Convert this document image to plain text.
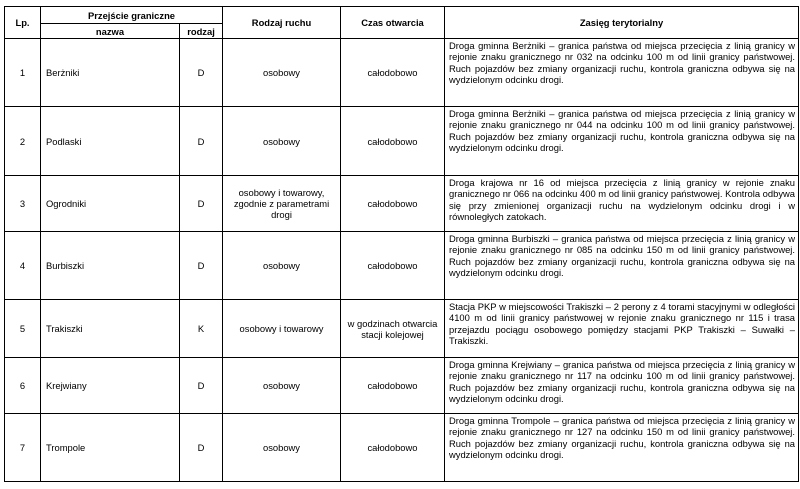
Lp.	Przejście graniczne		Rodzaj ruchu	Czas otwarcia	Zasięg terytorialny
	nazwa	rodzaj			
1	Berżniki	D	osobowy	całodobowo	Droga gminna Berżniki – granica państwa od miejsca przecięcia z linią granicy w rejonie znaku granicznego nr 032 na odcinku 100 m od linii granicy państwowej. Ruch pojazdów bez zmiany organizacji ruchu, kontrola graniczna odbywa się na wydzielonym odcinku drogi.
2	Podlaski	D	osobowy	całodobowo	Droga gminna Berżniki – granica państwa od miejsca przecięcia z linią granicy w rejonie znaku granicznego nr 044 na odcinku 100 m od linii granicy państwowej. Ruch pojazdów bez zmiany organizacji ruchu, kontrola graniczna odbywa się na wydzielonym odcinku drogi.
3	Ogrodniki	D	osobowy i towarowy, zgodnie z parametrami drogi	całodobowo	Droga krajowa nr 16 od miejsca przecięcia z linią granicy w rejonie znaku granicznego nr 066 na odcinku 400 m od linii granicy państwowej. Kontrola odbywa się przy zmienionej organizacji ruchu na wydzielonym odcinku drogi i w równoległych zatokach.
4	Burbiszki	D	osobowy	całodobowo	Droga gminna Burbiszki – granica państwa od miejsca przecięcia z linią granicy w rejonie znaku granicznego nr 085 na odcinku 150 m od linii granicy państwowej. Ruch pojazdów bez zmiany organizacji ruchu, kontrola graniczna odbywa się na wydzielonym odcinku drogi.
5	Trakiszki	K	osobowy i towarowy	w godzinach otwarcia stacji kolejowej	Stacja PKP w miejscowości Trakiszki – 2 perony z 4 torami stacyjnymi w odległości 4100 m od linii granicy państwowej w rejonie znaku granicznego nr 115 i trasa przejazdu pociągu osobowego pomiędzy stacjami PKP Trakiszki – Suwałki – Trakiszki.
6	Krejwiany	D	osobowy	całodobowo	Droga gminna Krejwiany – granica państwa od miejsca przecięcia z linią granicy w rejonie znaku granicznego nr 117 na odcinku 100 m od linii granicy państwowej. Ruch pojazdów bez zmiany organizacji ruchu, kontrola graniczna odbywa się na wydzielonym odcinku drogi.
7	Trompole	D	osobowy	całodobowo	Droga gminna Trompole – granica państwa od miejsca przecięcia z linią granicy w rejonie znaku granicznego nr 127 na odcinku 150 m od linii granicy państwowej. Ruch pojazdów bez zmiany organizacji ruchu, kontrola graniczna odbywa się na wydzielonym odcinku drogi.
